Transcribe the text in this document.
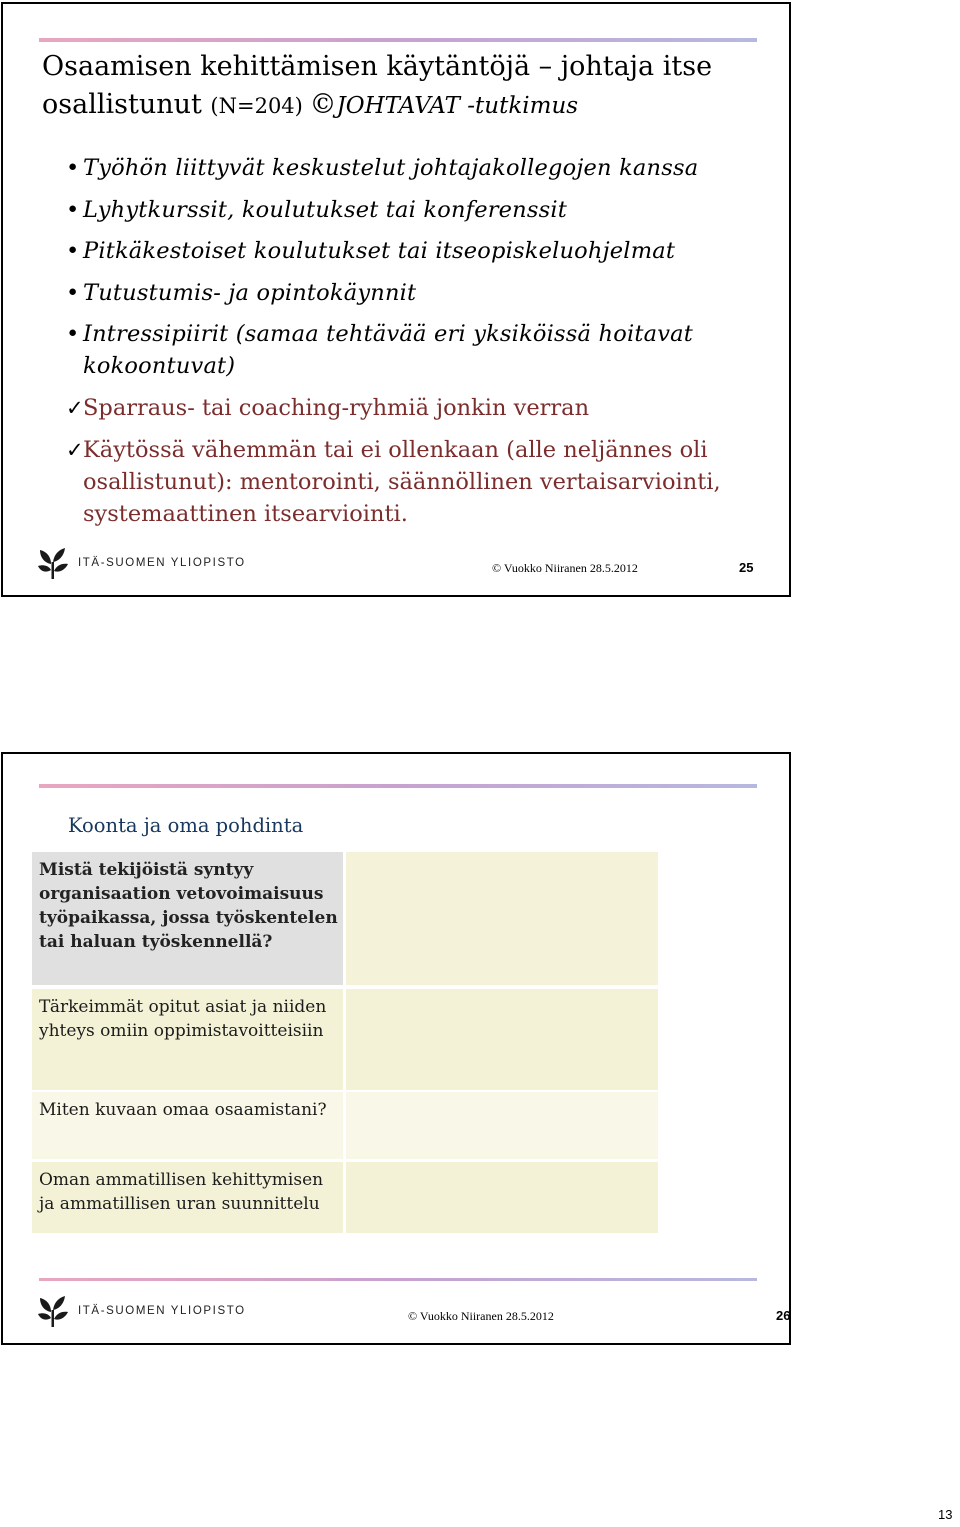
Osaamisen kehittämisen käytäntöjä – johtaja itse
osallistunut (N=204) ©JOHTAVAT -tutkimus
• Työhön liittyvät keskustelut johtajakollegojen kanssa
• Lyhytkurssit, koulutukset tai konferenssit
• Pitkäkestoiset koulutukset tai itseopiskeluohjelmat
• Tutustumis- ja opintokäynnit
• Intressipiirit (samaa tehtävää eri yksiköissä hoitavat kokoontuvat)
✓ Sparraus- tai coaching-ryhmiä jonkin verran
✓ Käytössä vähemmän tai ei ollenkaan (alle neljännes oli osallistunut): mentorointi, säännöllinen vertaisarviointi, systemaattinen itsearviointi.
ITÄ-SUOMEN YLIOPISTO	© Vuokko Niiranen 28.5.2012	25
Koonta ja oma pohdinta
Mistä tekijöistä syntyy organisaation vetovoimaisuus työpaikassa, jossa työskentelen tai haluan työskennellä?
Tärkeimmät opitut asiat ja niiden yhteys omiin oppimistavoitteisiin
Miten kuvaan omaa osaamistani?
Oman ammatillisen kehittymisen ja ammatillisen uran suunnittelu
ITÄ-SUOMEN YLIOPISTO	© Vuokko Niiranen 28.5.2012	26
13
